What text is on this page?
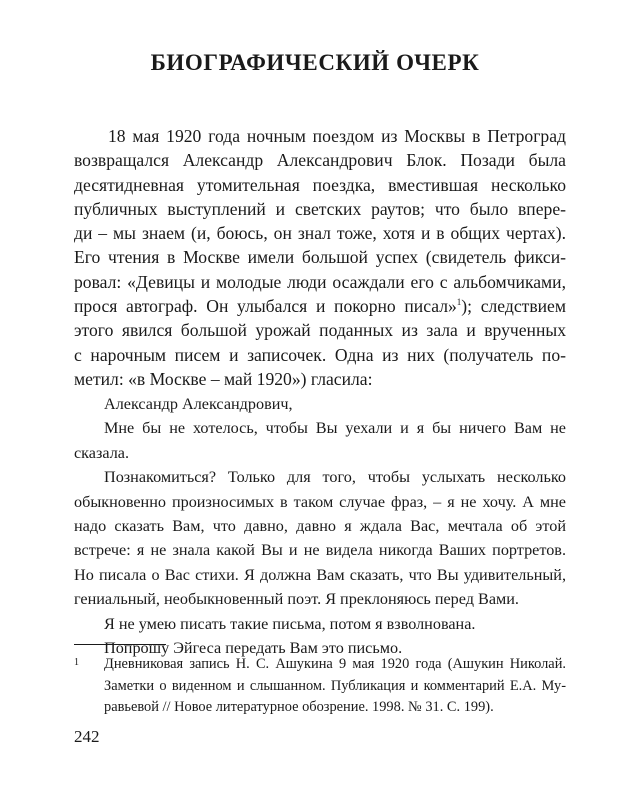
БИОГРАФИЧЕСКИЙ ОЧЕРК
18 мая 1920 года ночным поездом из Москвы в Петроград
возвращался Александр Александрович Блок. Позади была
десятидневная утомительная поездка, вместившая несколько
публичных выступлений и светских раутов; что было впере-
ди – мы знаем (и, боюсь, он знал тоже, хотя и в общих чертах).
Его чтения в Москве имели большой успех (свидетель фикси-
ровал: «Девицы и молодые люди осаждали его с альбомчиками,
прося автограф. Он улыбался и покорно писал»$^1$); следствием
этого явился большой урожай поданных из зала и врученных
с нарочным писем и записочек. Одна из них (получатель по-
метил: «в Москве – май 1920») гласила:
Александр Александрович,
Мне бы не хотелось, чтобы Вы уехали и я бы ничего Вам не
сказала.
Познакомиться? Только для того, чтобы услыхать несколько
обыкновенно произносимых в таком случае фраз, – я не хочу. А мне
надо сказать Вам, что давно, давно я ждала Вас, мечтала об этой
встрече: я не знала какой Вы и не видела никогда Ваших портретов.
Но писала о Вас стихи. Я должна Вам сказать, что Вы удивительный,
гениальный, необыкновенный поэт. Я преклоняюсь перед Вами.
Я не умею писать такие письма, потом я взволнована.
Попрошу Эйгеса передать Вам это письмо.
1 Дневниковая запись Н. С. Ашукина 9 мая 1920 года (Ашукин Николай.
Заметки о виденном и слышанном. Публикация и комментарий Е.А. Му-
равьевой // Новое литературное обозрение. 1998. № 31. С. 199).
242
